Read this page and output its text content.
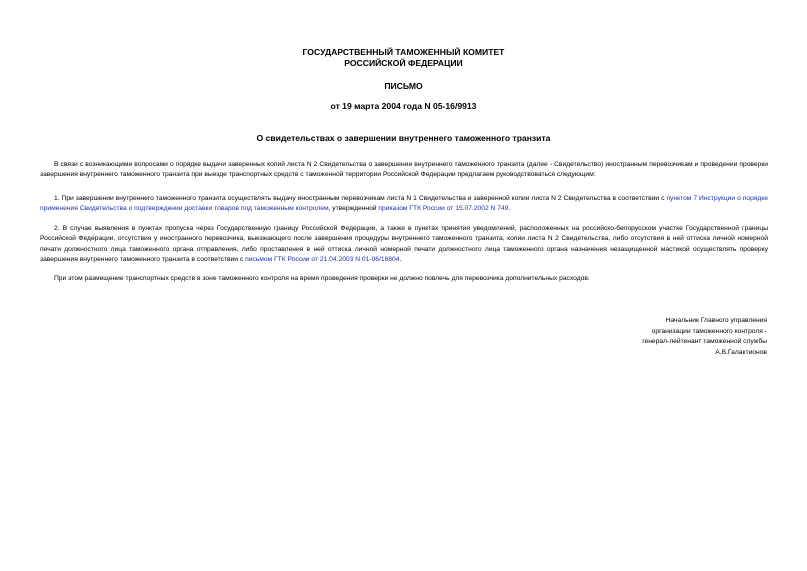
ГОСУДАРСТВЕННЫЙ ТАМОЖЕННЫЙ КОМИТЕТ
РОССИЙСКОЙ ФЕДЕРАЦИИ
ПИСЬМО
от 19 марта 2004 года N 05-16/9913
О свидетельствах о завершении внутреннего таможенного транзита
В связи с возникающими вопросами о порядке выдачи заверенных копий листа N 2 Свидетельства о завершении внутреннего таможенного транзита (далее - Свидетельство) иностранным перевозчикам и проведении проверки завершения внутреннего таможенного транзита при выезде транспортных средств с таможенной территории Российской Федерации предлагаем руководствоваться следующим:
1. При завершении внутреннего таможенного транзита осуществлять выдачу иностранным перевозчикам листа N 1 Свидетельства и заверенной копии листа N 2 Свидетельства в соответствии с пунктом 7 Инструкции о порядке применения Свидетельства о подтверждении доставки товаров под таможенным контролем, утвержденной приказом ГТК России от 15.07.2002 N 749.
2. В случае выявления в пунктах пропуска через Государственную границу Российской Федерации, а также в пунктах принятия уведомлений, расположенных на российско-белорусском участке Государственной границы Российской Федерации, отсутствия у иностранного перевозчика, выезжающего после завершения процедуры внутреннего таможенного транзита, копии листа N 2 Свидетельства, либо отсутствия в ней оттиска личной номерной печати должностного лица таможенного органа отправления, либо проставления в ней оттиска личной номерной печати должностного лица таможенного органа назначения незащищенной мастикой осуществлять проверку завершения внутреннего таможенного транзита в соответствии с письмом ГТК России от 21.04.2003 N 01-06/16804.
При этом размещение транспортных средств в зоне таможенного контроля на время проведения проверки не должно повлечь для перевозчика дополнительных расходов.
Начальник Главного управления
организации таможенного контроля -
генерал-лейтенант таможенной службы
А.В.Галактионов
